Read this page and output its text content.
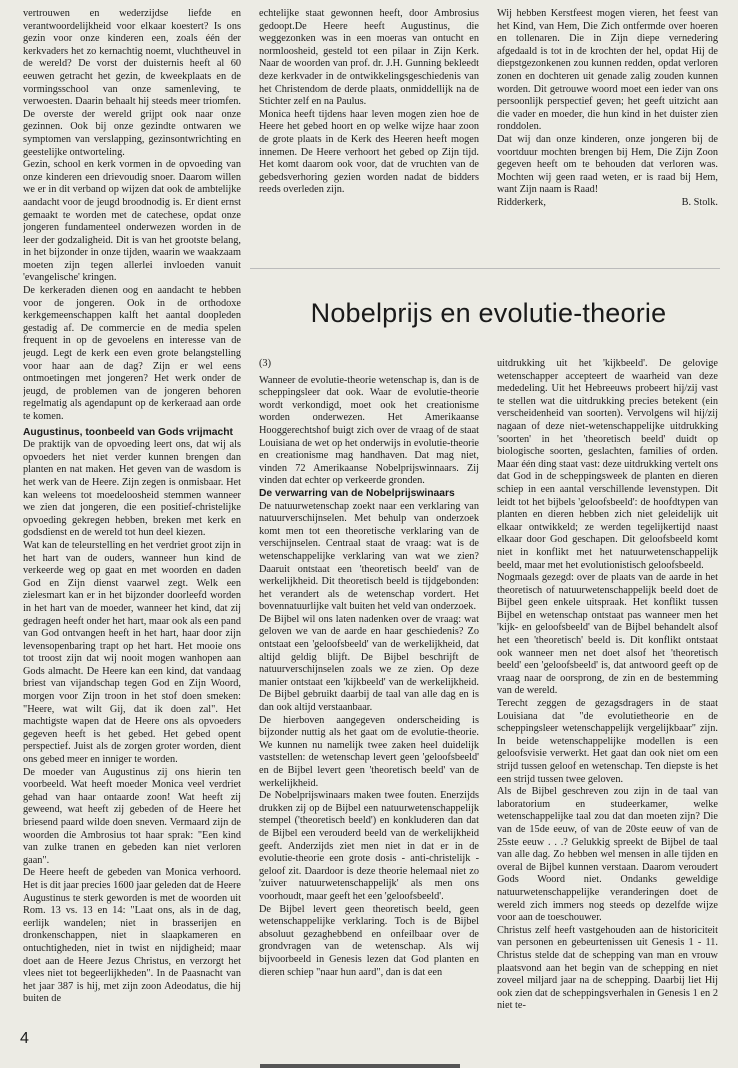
vertrouwen en wederzijdse liefde en verantwoordelijkheid voor elkaar koestert? Is ons gezin voor onze kinderen een, zoals één der kerkvaders het zo kernachtig noemt, vluchtheuvel in de wereld? De vorst der duisternis heeft al 60 eeuwen getracht het gezin, de kweekplaats en de vormingsschool van onze samenleving, te verwoesten. Daarin behaalt hij steeds meer triomfen. De overste der wereld grijpt ook naar onze gezinnen. Ook bij onze gezindte ontwaren we symptomen van verslapping, gezinsontwrichting en geestelijke ontworteling.

Gezin, school en kerk vormen in de opvoeding van onze kinderen een drievoudig snoer. Daarom willen we er in dit verband op wijzen dat ook de ambtelijke aandacht voor de jeugd broodnodig is. Er dient ernst gemaakt te worden met de catechese, opdat onze jongeren fundamenteel onderwezen worden in de leer der godzaligheid. Dit is van het grootste belang, in het bijzonder in onze tijden, waarin we waakzaam moeten zijn tegen allerlei invloeden vanuit 'evangelische' kringen.

De kerkeraden dienen oog en aandacht te hebben voor de jongeren. Ook in de orthodoxe kerkgemeenschappen kalft het aantal doopleden gestadig af. De commercie en de media spelen frequent in op de gevoelens en interesse van de jeugd. Legt de kerk een even grote belangstelling voor haar aan de dag? Zijn er wel eens ontmoetingen met jongeren? Het werk onder de jeugd, de problemen van de jongeren behoren regelmatig als agendapunt op de kerkeraad aan orde te komen.

Augustinus, toonbeeld van Gods vrijmacht

De praktijk van de opvoeding leert ons, dat wij als opvoeders het niet verder kunnen brengen dan planten en nat maken. Het geven van de wasdom is het werk van de Heere. Zijn zegen is onmisbaar. Het kan weleens tot moedeloosheid stemmen wanneer we zien dat jongeren, die een positief-christelijke opvoeding gekregen hebben, breken met kerk en godsdienst en de wereld tot hun deel kiezen.

Wat kan de teleurstelling en het verdriet groot zijn in het hart van de ouders, wanneer hun kind de verkeerde weg op gaat en met woorden en daden God en Zijn dienst vaarwel zegt. Welk een zielesmart kan er in het bijzonder doorleefd worden in het hart van de moeder, wanneer het kind, dat zij gedragen heeft onder het hart, maar ook als een pand van God ontvangen heeft in het hart, haar door zijn levensopenbaring trapt op het hart. Het mooie ons tot troost zijn dat wij nooit mogen wanhopen aan Gods almacht. De Heere kan een kind, dat vandaag briest van vijandschap tegen God en Zijn Woord, morgen voor Zijn troon in het stof doen smeken: "Heere, wat wilt Gij, dat ik doen zal". Het machtigste wapen dat de Heere ons als opvoeders gegeven heeft is het gebed. Het gebed opent perspectief. Juist als de zorgen groter worden, dient ons gebed meer en inniger te worden.

De moeder van Augustinus zij ons hierin ten voorbeeld. Wat heeft moeder Monica veel verdriet gehad van haar ontaarde zoon! Wat heeft zij geweend, wat heeft zij gebeden of de Heere het briesend paard wilde doen sneven. Vermaard zijn de woorden die Ambrosius tot haar sprak: "Een kind van zulke tranen en gebeden kan niet verloren gaan".

De Heere heeft de gebeden van Monica verhoord. Het is dit jaar precies 1600 jaar geleden dat de Heere Augustinus te sterk geworden is met de woorden uit Rom. 13 vs. 13 en 14: "Laat ons, als in de dag, eerlijk wandelen; niet in brasserijen en dronkenschappen, niet in slaapkameren en ontuchtigheden, niet in twist en nijdigheid; maar doet aan de Heere Jezus Christus, en verzorgt het vlees niet tot begeerlijkheden". In de Paasnacht van het jaar 387 is hij, met zijn zoon Adeodatus, die hij buiten de

echtelijke staat gewonnen heeft, door Ambrosius gedoopt.De Heere heeft Augustinus, die weggezonken was in een moeras van ontucht en normloosheid, gesteld tot een pilaar in Zijn Kerk. Naar de woorden van prof. dr. J.H. Gunning bekleedt deze kerkvader in de ontwikkelingsgeschiedenis van het Christendom de derde plaats, onmiddellijk na de Stichter zelf en na Paulus.

Monica heeft tijdens haar leven mogen zien hoe de Heere het gebed hoort en op welke wijze haar zoon de grote plaats in de Kerk des Heeren heeft mogen innemen. De Heere verhoort het gebed op Zijn tijd. Het komt daarom ook voor, dat de vruchten van de gebedsverhoring gezien worden nadat de bidders reeds overleden zijn.

Wij hebben Kerstfeest mogen vieren, het feest van het Kind, van Hem, Die Zich ontfermde over hoeren en tollenaren. Die in Zijn diepe vernedering afgedaald is tot in de krochten der hel, opdat Hij de diepstgezonkenen zou kunnen redden, opdat verloren zonen en dochteren uit genade zalig zouden kunnen worden. Dit getrouwe woord moet een ieder van ons persoonlijk perspectief geven; het geeft uitzicht aan die vader en moeder, die hun kind in het duister zien ronddolen.

Dat wij dan onze kinderen, onze jongeren bij de voortduur mochten brengen bij Hem, Die Zijn Zoon gegeven heeft om te behouden dat verloren was. Mochten wij geen raad weten, er is raad bij Hem, want Zijn naam is Raad!

Ridderkerk,	B. Stolk.
Nobelprijs en evolutie-theorie
(3)

Wanneer de evolutie-theorie wetenschap is, dan is de scheppingsleer dat ook. Waar de evolutie-theorie wordt verkondigd, moet ook het creationisme worden onderwezen. Het Amerikaanse Hooggerechtshof buigt zich over de vraag of de staat Louisiana de wet op het onderwijs in evolutie-theorie en creationisme mag handhaven. Dat mag niet, vinden 72 Amerikaanse Nobelprijswinnaars. Zij vinden dat echter op verkeerde gronden.

De verwarring van de Nobelprijswinaars

De natuurwetenschap zoekt naar een verklaring van natuurverschijnselen. Met behulp van onderzoek komt men tot een theoretische verklaring van de verschijnselen. Centraal staat de vraag: wat is de wetenschappelijke verklaring van wat we zien? Daaruit ontstaat een 'theoretisch beeld' van de werkelijkheid. Dit theoretisch beeld is tijdgebonden: het verandert als de wetenschap vordert. Het bovennatuurlijke valt buiten het veld van onderzoek.

De Bijbel wil ons laten nadenken over de vraag: wat geloven we van de aarde en haar geschiedenis? Zo ontstaat een 'geloofsbeeld' van de werkelijkheid, dat altijd geldig blijft. De Bijbel beschrijft de natuurverschijnselen zoals we ze zien. Op deze manier ontstaat een 'kijkbeeld' van de werkelijkheid. De Bijbel gebruikt daarbij de taal van alle dag en is dan ook altijd verstaanbaar.

De hierboven aangegeven onderscheiding is bijzonder nuttig als het gaat om de evolutie-theorie. We kunnen nu namelijk twee zaken heel duidelijk vaststellen: de wetenschap levert geen 'geloofsbeeld' en de Bijbel levert geen 'theoretisch beeld' van de werkelijkheid.

De Nobelprijswinaars maken twee fouten. Enerzijds drukken zij op de Bijbel een natuurwetenschappelijk stempel ('theoretisch beeld') en konkluderen dan dat de Bijbel een verouderd beeld van de werkelijkheid geeft. Anderzijds ziet men niet in dat er in de evolutie-theorie een grote dosis - anti-christelijk - geloof zit. Daardoor is deze theorie helemaal niet zo 'zuiver natuurwetenschappelijk' als men ons voorhoudt, maar geeft het een 'geloofsbeeld'.

De Bijbel levert geen theoretisch beeld, geen wetenschappelijke verklaring. Toch is de Bijbel absoluut gezaghebbend en onfeilbaar over de grondvragen van de wetenschap. Als wij bijvoorbeeld in Genesis lezen dat God planten en dieren schiep "naar hun aard", dan is dat een

uitdrukking uit het 'kijkbeeld'. De gelovige wetenschapper accepteert de waarheid van deze mededeling. Uit het Hebreeuws probeert hij/zij vast te stellen wat die uitdrukking precies betekent (ein verscheidenheid van soorten). Vervolgens wil hij/zij nagaan of deze niet-wetenschappelijke uitdrukking 'soorten' in het 'theoretisch beeld' duidt op biologische soorten, geslachten, families of orden. Maar één ding staat vast: deze uitdrukking vertelt ons dat God in de scheppingsweek de planten en dieren schiep in een aantal verschillende levenstypen. Dit leidt tot het bijbels 'geloofsbeeld': de hoofdtypen van planten en dieren hebben zich niet geleidelijk uit elkaar ontwikkeld; ze werden tegelijkertijd naast elkaar door God geschapen. Dit geloofsbeeld komt niet in konflikt met het natuurwetenschappelijk beeld, maar met het evolutionistisch geloofsbeeld.

Nogmaals gezegd: over de plaats van de aarde in het theoretisch of natuurwetenschappelijk beeld doet de Bijbel geen enkele uitspraak. Het konflikt tussen Bijbel en wetenschap ontstaat pas wanneer men het 'kijk- en geloofsbeeld' van de Bijbel behandelt alsof het een 'theoretisch' beeld is. Dit konflikt ontstaat ook wanneer men net doet alsof het 'theoretisch beeld' een 'geloofsbeeld' is, dat antwoord geeft op de vraag naar de oorsprong, de zin en de bestemming van de wereld.

Terecht zeggen de gezagsdragers in de staat Louisiana dat "de evolutietheorie en de scheppingsleer wetenschappelijk vergelijkbaar" zijn. In beide wetenschappelijke modellen is een geloofsvisie verwerkt. Het gaat dan ook niet om een strijd tussen geloof en wetenschap. Ten diepste is het een strijd tussen twee geloven.

Als de Bijbel geschreven zou zijn in de taal van laboratorium en studeerkamer, welke wetenschappelijke taal zou dat dan moeten zijn? Die van de 15de eeuw, of van de 20ste eeuw of van de 25ste eeuw . . .? Gelukkig spreekt de Bijbel de taal van alle dag. Zo hebben wel mensen in alle tijden en overal de Bijbel kunnen verstaan. Daarom veroudert Gods Woord niet. Ondanks geweldige natuurwetenschappelijke veranderingen doet de wereld zich immers nog steeds op dezelfde wijze voor aan de toeschouwer.

Christus zelf heeft vastgehouden aan de historiciteit van personen en gebeurtenissen uit Genesis 1 - 11. Christus stelde dat de schepping van man en vrouw plaatsvond aan het begin van de schepping en niet zoveel miljard jaar na de schepping. Daarbij liet Hij ook zien dat de scheppingsverhalen in Genesis 1 en 2 niet te-

4
